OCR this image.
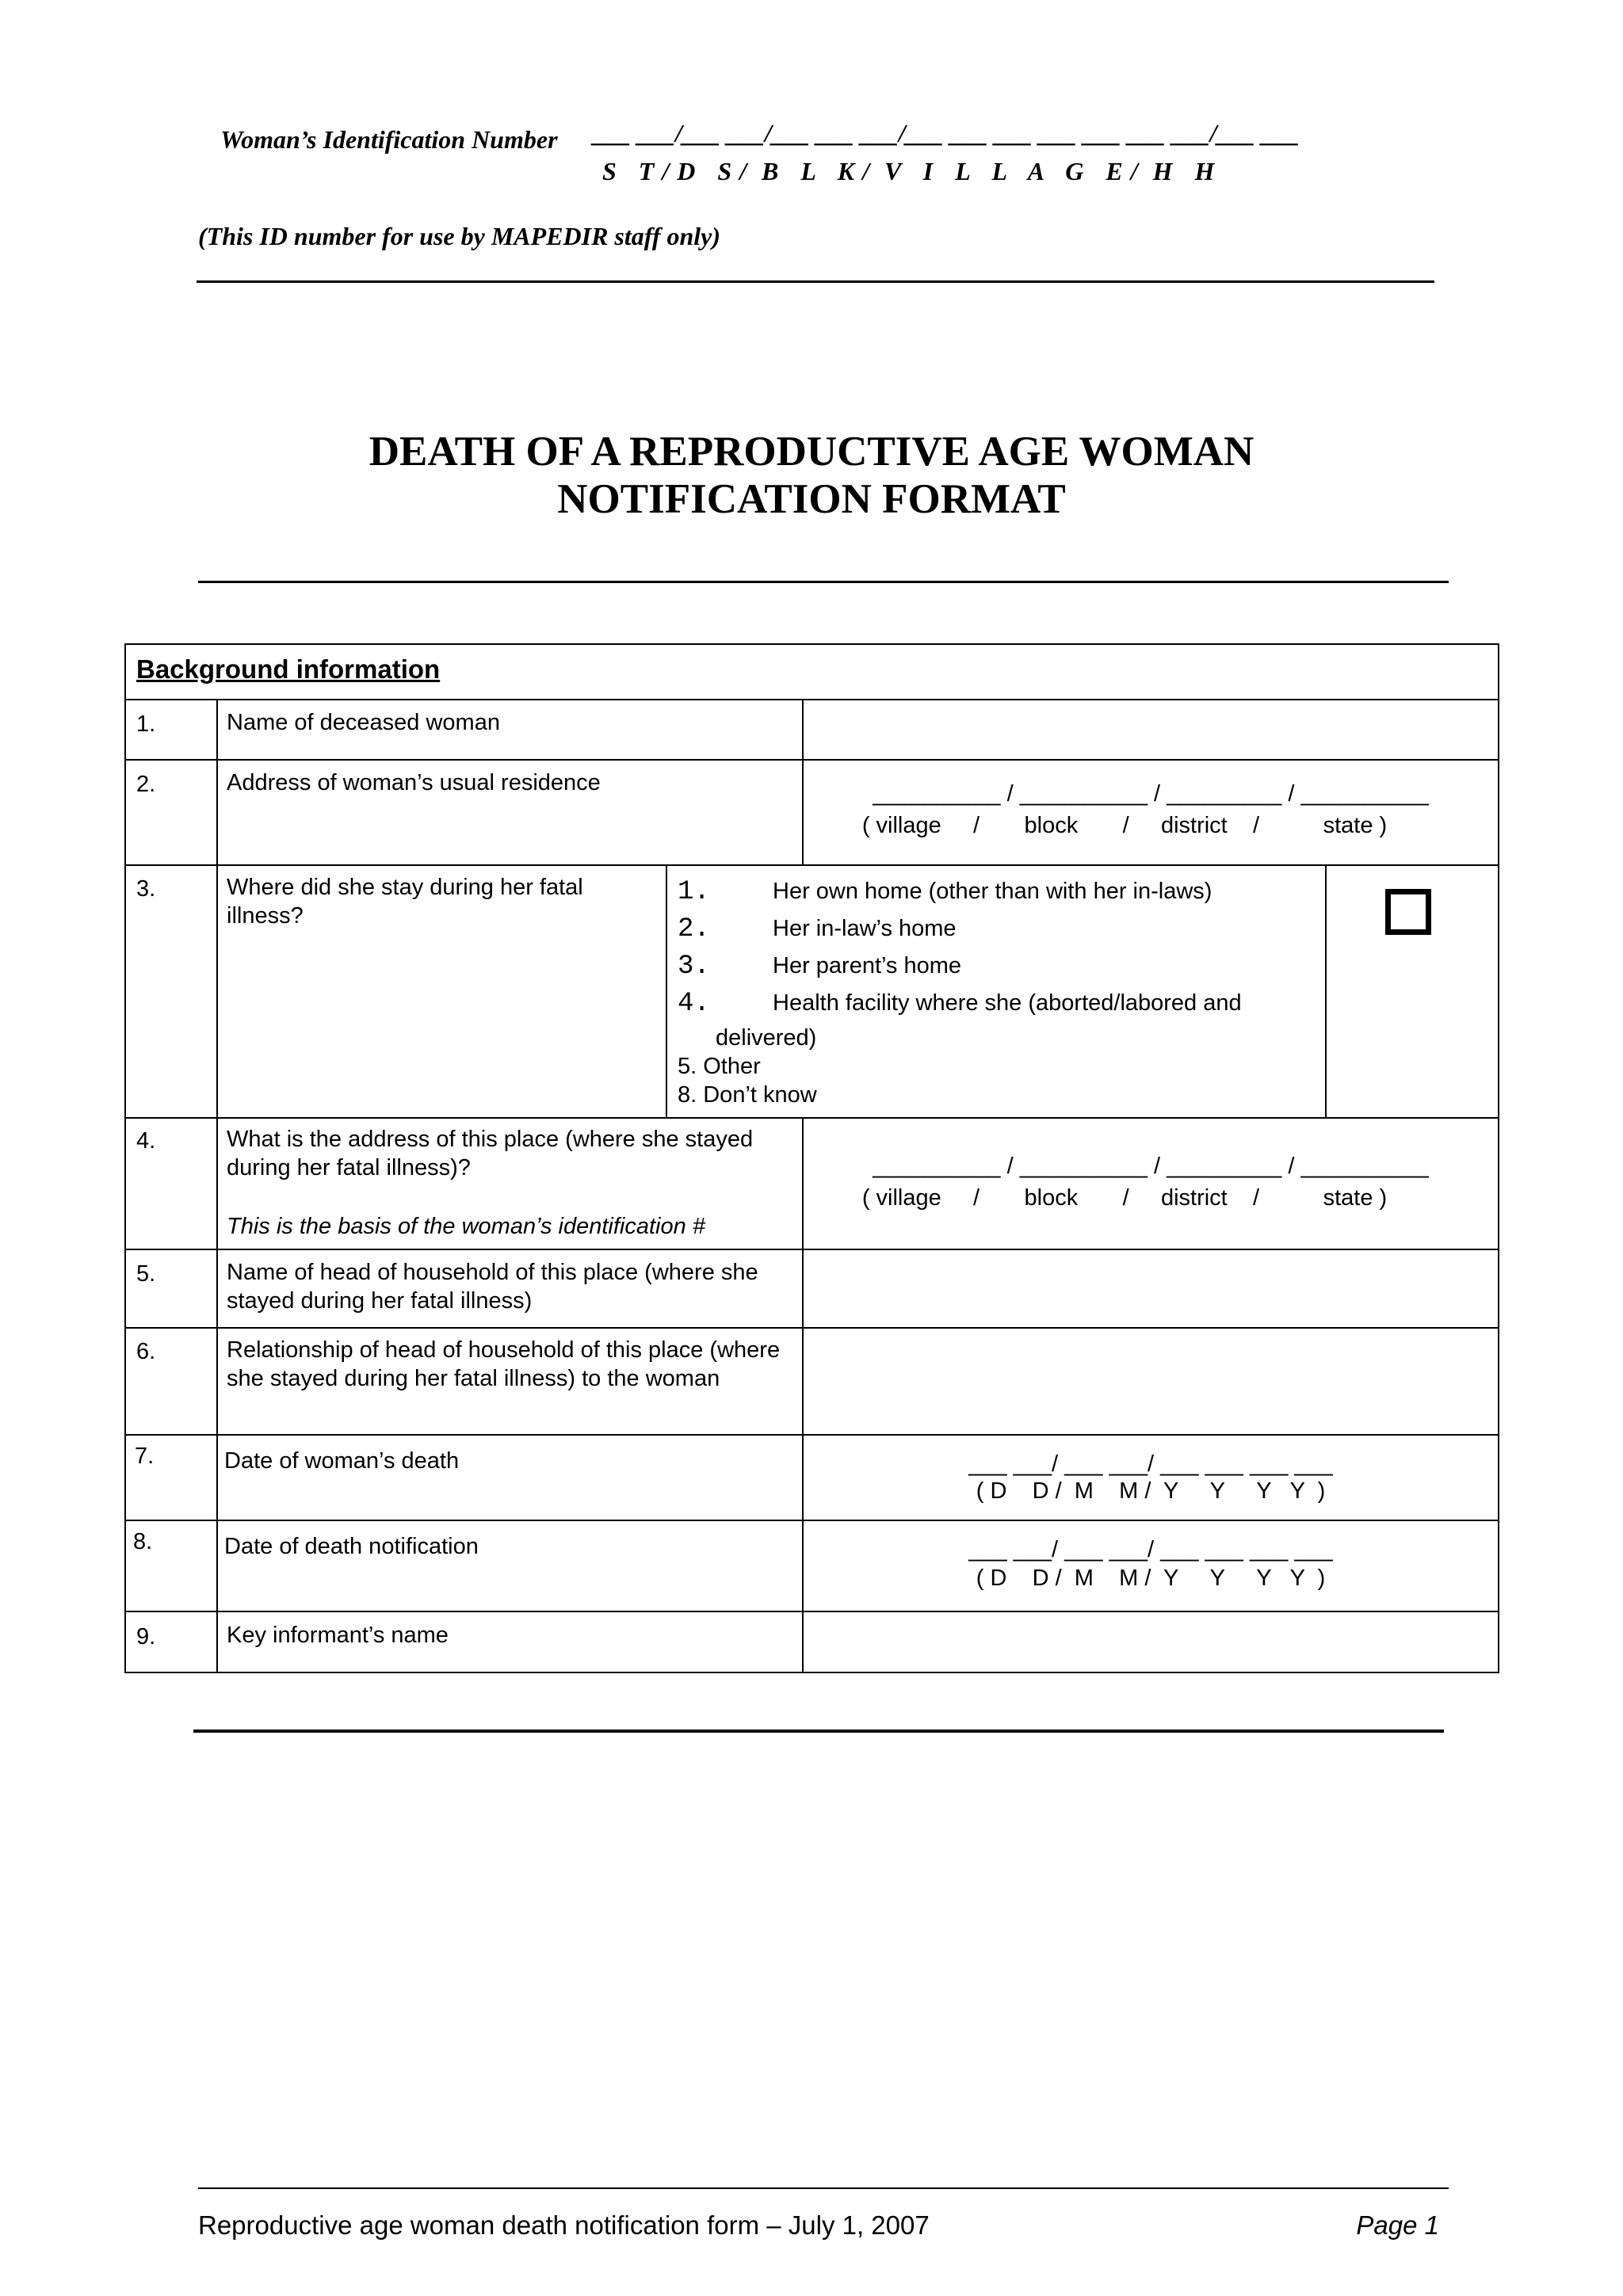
Woman’s Identification Number ___ ___/___ ___/___ ___ ___/___ ___ ___ ___ ___ ___ ___/___ ___
S   T / D   S /  B   L   K /  V   I   L   L   A   G   E /  H   H
(This ID number for use by MAPEDIR staff only)
DEATH OF A REPRODUCTIVE AGE WOMAN
NOTIFICATION FORMAT
Background information
1.	Name of deceased woman
2.	Address of woman’s usual residence	__________ / __________ / _________ / __________
( village     /       block       /     district    /          state )
3.	Where did she stay during her fatal illness?
1.	Her own home (other than with her in-laws)
2.	Her in-law’s home
3.	Her parent’s home
4.	Health facility where she (aborted/labored and
delivered)
5. Other
8. Don’t know
4.	What is the address of this place (where she stayed during her fatal illness)?
This is the basis of the woman’s identification #
__________ / __________ / _________ / __________
( village     /       block       /     district    /          state )
5.	Name of head of household of this place (where she stayed during her fatal illness)
6.	Relationship of head of household of this place (where she stayed during her fatal illness) to the woman
7.	Date of woman’s death	___ ___/ ___ ___/ ___ ___ ___ ___
( D    D /  M    M /  Y     Y     Y   Y  )
8.	Date of death notification	___ ___/ ___ ___/ ___ ___ ___ ___
( D    D /  M    M /  Y     Y     Y   Y  )
9.	Key informant’s name
Reproductive age woman death notification form – July 1, 2007	Page 1
